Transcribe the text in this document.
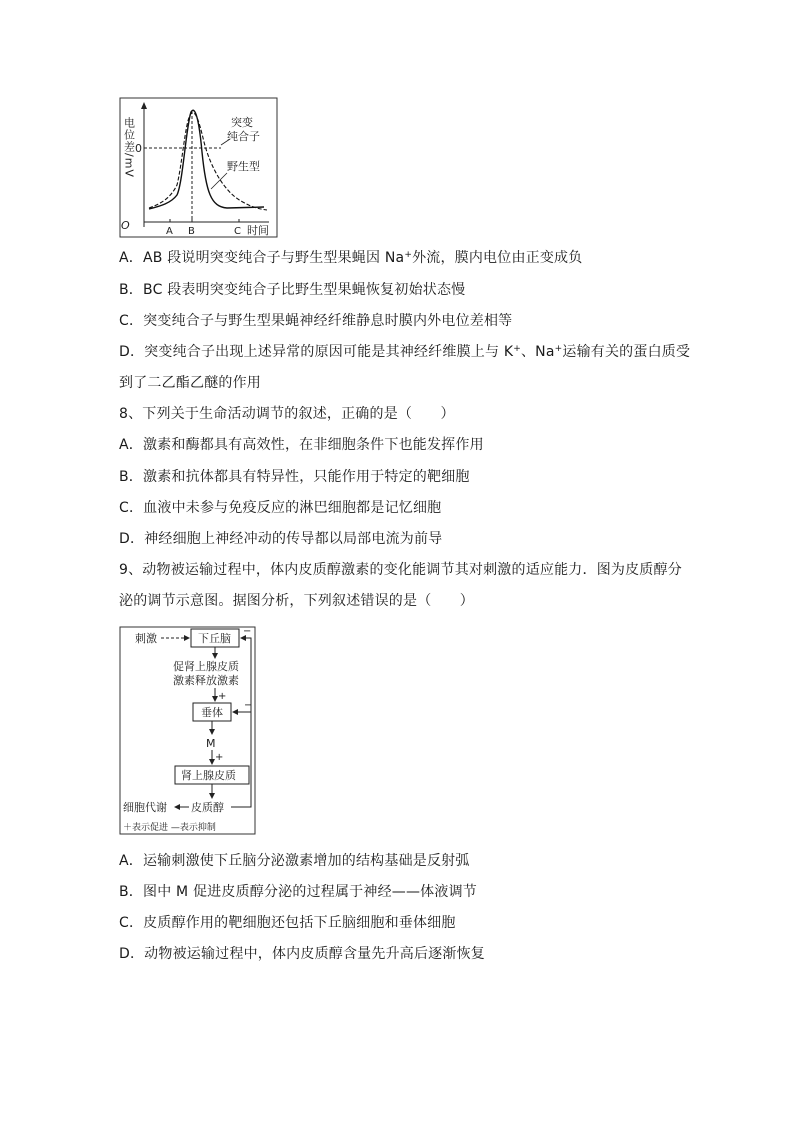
电位差/mV 0
O	A B	C 时间
突变
纯合子
野生型
A．AB 段说明突变纯合子与野生型果蝇因 Na+外流，膜内电位由正变成负
B．BC 段表明突变纯合子比野生型果蝇恢复初始状态慢
C．突变纯合子与野生型果蝇神经纤维静息时膜内外电位差相等
D．突变纯合子出现上述异常的原因可能是其神经纤维膜上与 K+、Na+运输有关的蛋白质受
到了二乙酯乙醚的作用
8、下列关于生命活动调节的叙述，正确的是（　　）
A．激素和酶都具有高效性，在非细胞条件下也能发挥作用
B．激素和抗体都具有特异性，只能作用于特定的靶细胞
C．血液中未参与免疫反应的淋巴细胞都是记忆细胞
D．神经细胞上神经冲动的传导都以局部电流为前导
9、动物被运输过程中，体内皮质醇激素的变化能调节其对刺激的适应能力．图为皮质醇分
泌的调节示意图。据图分析，下列叙述错误的是（　　）
刺激	下丘脑
促肾上腺皮质
激素释放激素
+
垂体
M
+
肾上腺皮质
细胞代谢 皮质醇
−
−
＋表示促进 —表示抑制
A．运输刺激使下丘脑分泌激素增加的结构基础是反射弧
B．图中 M 促进皮质醇分泌的过程属于神经——体液调节
C．皮质醇作用的靶细胞还包括下丘脑细胞和垂体细胞
D．动物被运输过程中，体内皮质醇含量先升高后逐渐恢复
